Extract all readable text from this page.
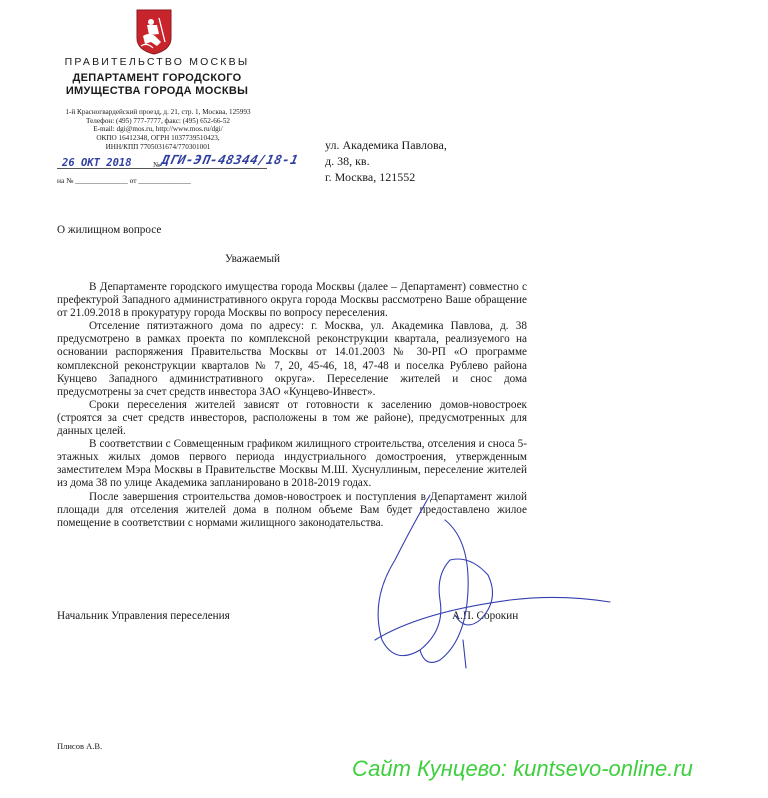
ПРАВИТЕЛЬСТВО МОСКВЫ
ДЕПАРТАМЕНТ ГОРОДСКОГО
ИМУЩЕСТВА ГОРОДА МОСКВЫ
1-й Красногвардейский проезд, д. 21, стр. 1, Москва, 125993
Телефон: (495) 777-7777, факс: (495) 652-66-52
E-mail: dgi@mos.ru, http://www.mos.ru/dgi/
ОКПО 16412348, ОГРН 1037739510423,
ИНН/КПП 7705031674/770301001
26 ОКТ 2018	№ ДГИ-ЭП-48344/18-1
на № ______________ от ______________
ул. Академика Павлова,
д. 38, кв.
г. Москва, 121552
О жилищном вопросе
Уважаемый

В Департаменте городского имущества города Москвы (далее – Департамент) совместно с префектурой Западного административного округа города Москвы рассмотрено Ваше обращение от 21.09.2018 в прокуратуру города Москвы по вопросу переселения.

Отселение пятиэтажного дома по адресу: г. Москва, ул. Академика Павлова, д. 38 предусмотрено в рамках проекта по комплексной реконструкции квартала, реализуемого на основании распоряжения Правительства Москвы от 14.01.2003 № 30-РП «О программе комплексной реконструкции кварталов № 7, 20, 45-46, 18, 47-48 и поселка Рублево района Кунцево Западного административного округа». Переселение жителей и снос дома предусмотрены за счет средств инвестора ЗАО «Кунцево-Инвест».

Сроки переселения жителей зависят от готовности к заселению домов-новостроек (строятся за счет средств инвесторов, расположены в том же районе), предусмотренных для данных целей.

В соответствии с Совмещенным графиком жилищного строительства, отселения и сноса 5-этажных жилых домов первого периода индустриального домостроения, утвержденным заместителем Мэра Москвы в Правительстве Москвы М.Ш. Хуснуллиным, переселение жителей из дома 38 по улице Академика запланировано в 2018-2019 годах.

После завершения строительства домов-новостроек и поступления в Департамент жилой площади для отселения жителей дома в полном объеме Вам будет предоставлено жилое помещение в соответствии с нормами жилищного законодательства.

Начальник Управления переселения	А.П. Сорокин
Плисов А.В.
Сайт Кунцево: kuntsevo-online.ru
